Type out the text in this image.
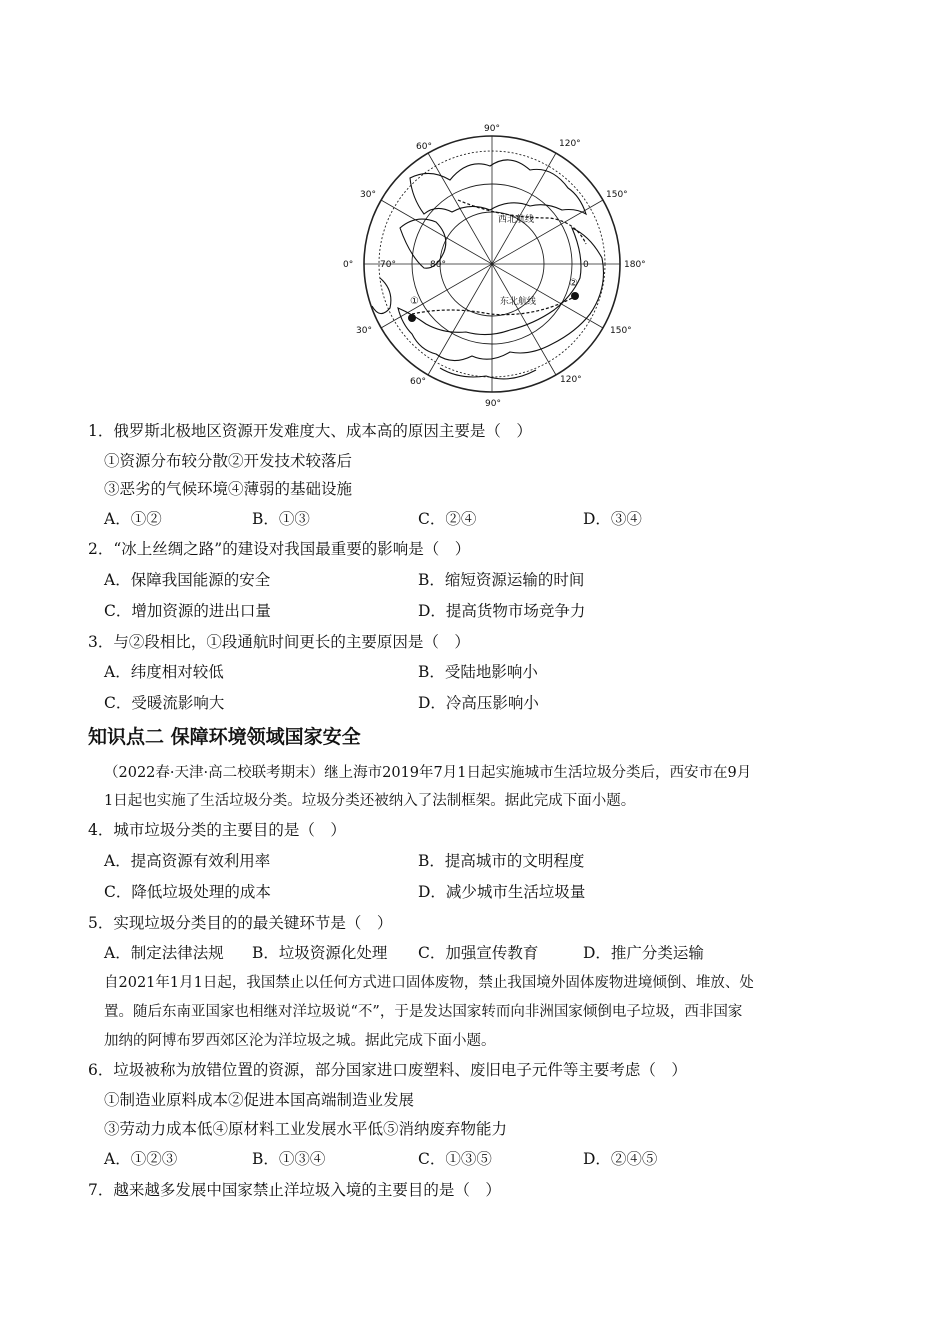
90°
120°
150°
180°
150°
120°
90°
60°
30°
0°
30°
60°
70°	80°	0
西北航线
东北航线
①
②
1．俄罗斯北极地区资源开发难度大、成本高的原因主要是（　）
①资源分布较分散②开发技术较落后
③恶劣的气候环境④薄弱的基础设施
A．①②	B．①③	C．②④	D．③④
2．“冰上丝绸之路”的建设对我国最重要的影响是（　）
A．保障我国能源的安全	B．缩短资源运输的时间
C．增加资源的进出口量	D．提高货物市场竞争力
3．与②段相比，①段通航时间更长的主要原因是（　）
A．纬度相对较低	B．受陆地影响小
C．受暖流影响大	D．冷高压影响小
知识点二 保障环境领域国家安全
（2022春·天津·高二校联考期末）继上海市2019年7月1日起实施城市生活垃圾分类后，西安市在9月
1日起也实施了生活垃圾分类。垃圾分类还被纳入了法制框架。据此完成下面小题。
4．城市垃圾分类的主要目的是（　）
A．提高资源有效利用率	B．提高城市的文明程度
C．降低垃圾处理的成本	D．减少城市生活垃圾量
5．实现垃圾分类目的的最关键环节是（　）
A．制定法律法规 B．垃圾资源化处理 C．加强宣传教育	D．推广分类运输
自2021年1月1日起，我国禁止以任何方式进口固体废物，禁止我国境外固体废物进境倾倒、堆放、处
置。随后东南亚国家也相继对洋垃圾说“不”，于是发达国家转而向非洲国家倾倒电子垃圾，西非国家
加纳的阿博布罗西郊区沦为洋垃圾之城。据此完成下面小题。
6．垃圾被称为放错位置的资源，部分国家进口废塑料、废旧电子元件等主要考虑（　）
①制造业原料成本②促进本国高端制造业发展
③劳动力成本低④原材料工业发展水平低⑤消纳废弃物能力
A．①②③	B．①③④	C．①③⑤	D．②④⑤
7．越来越多发展中国家禁止洋垃圾入境的主要目的是（　）
